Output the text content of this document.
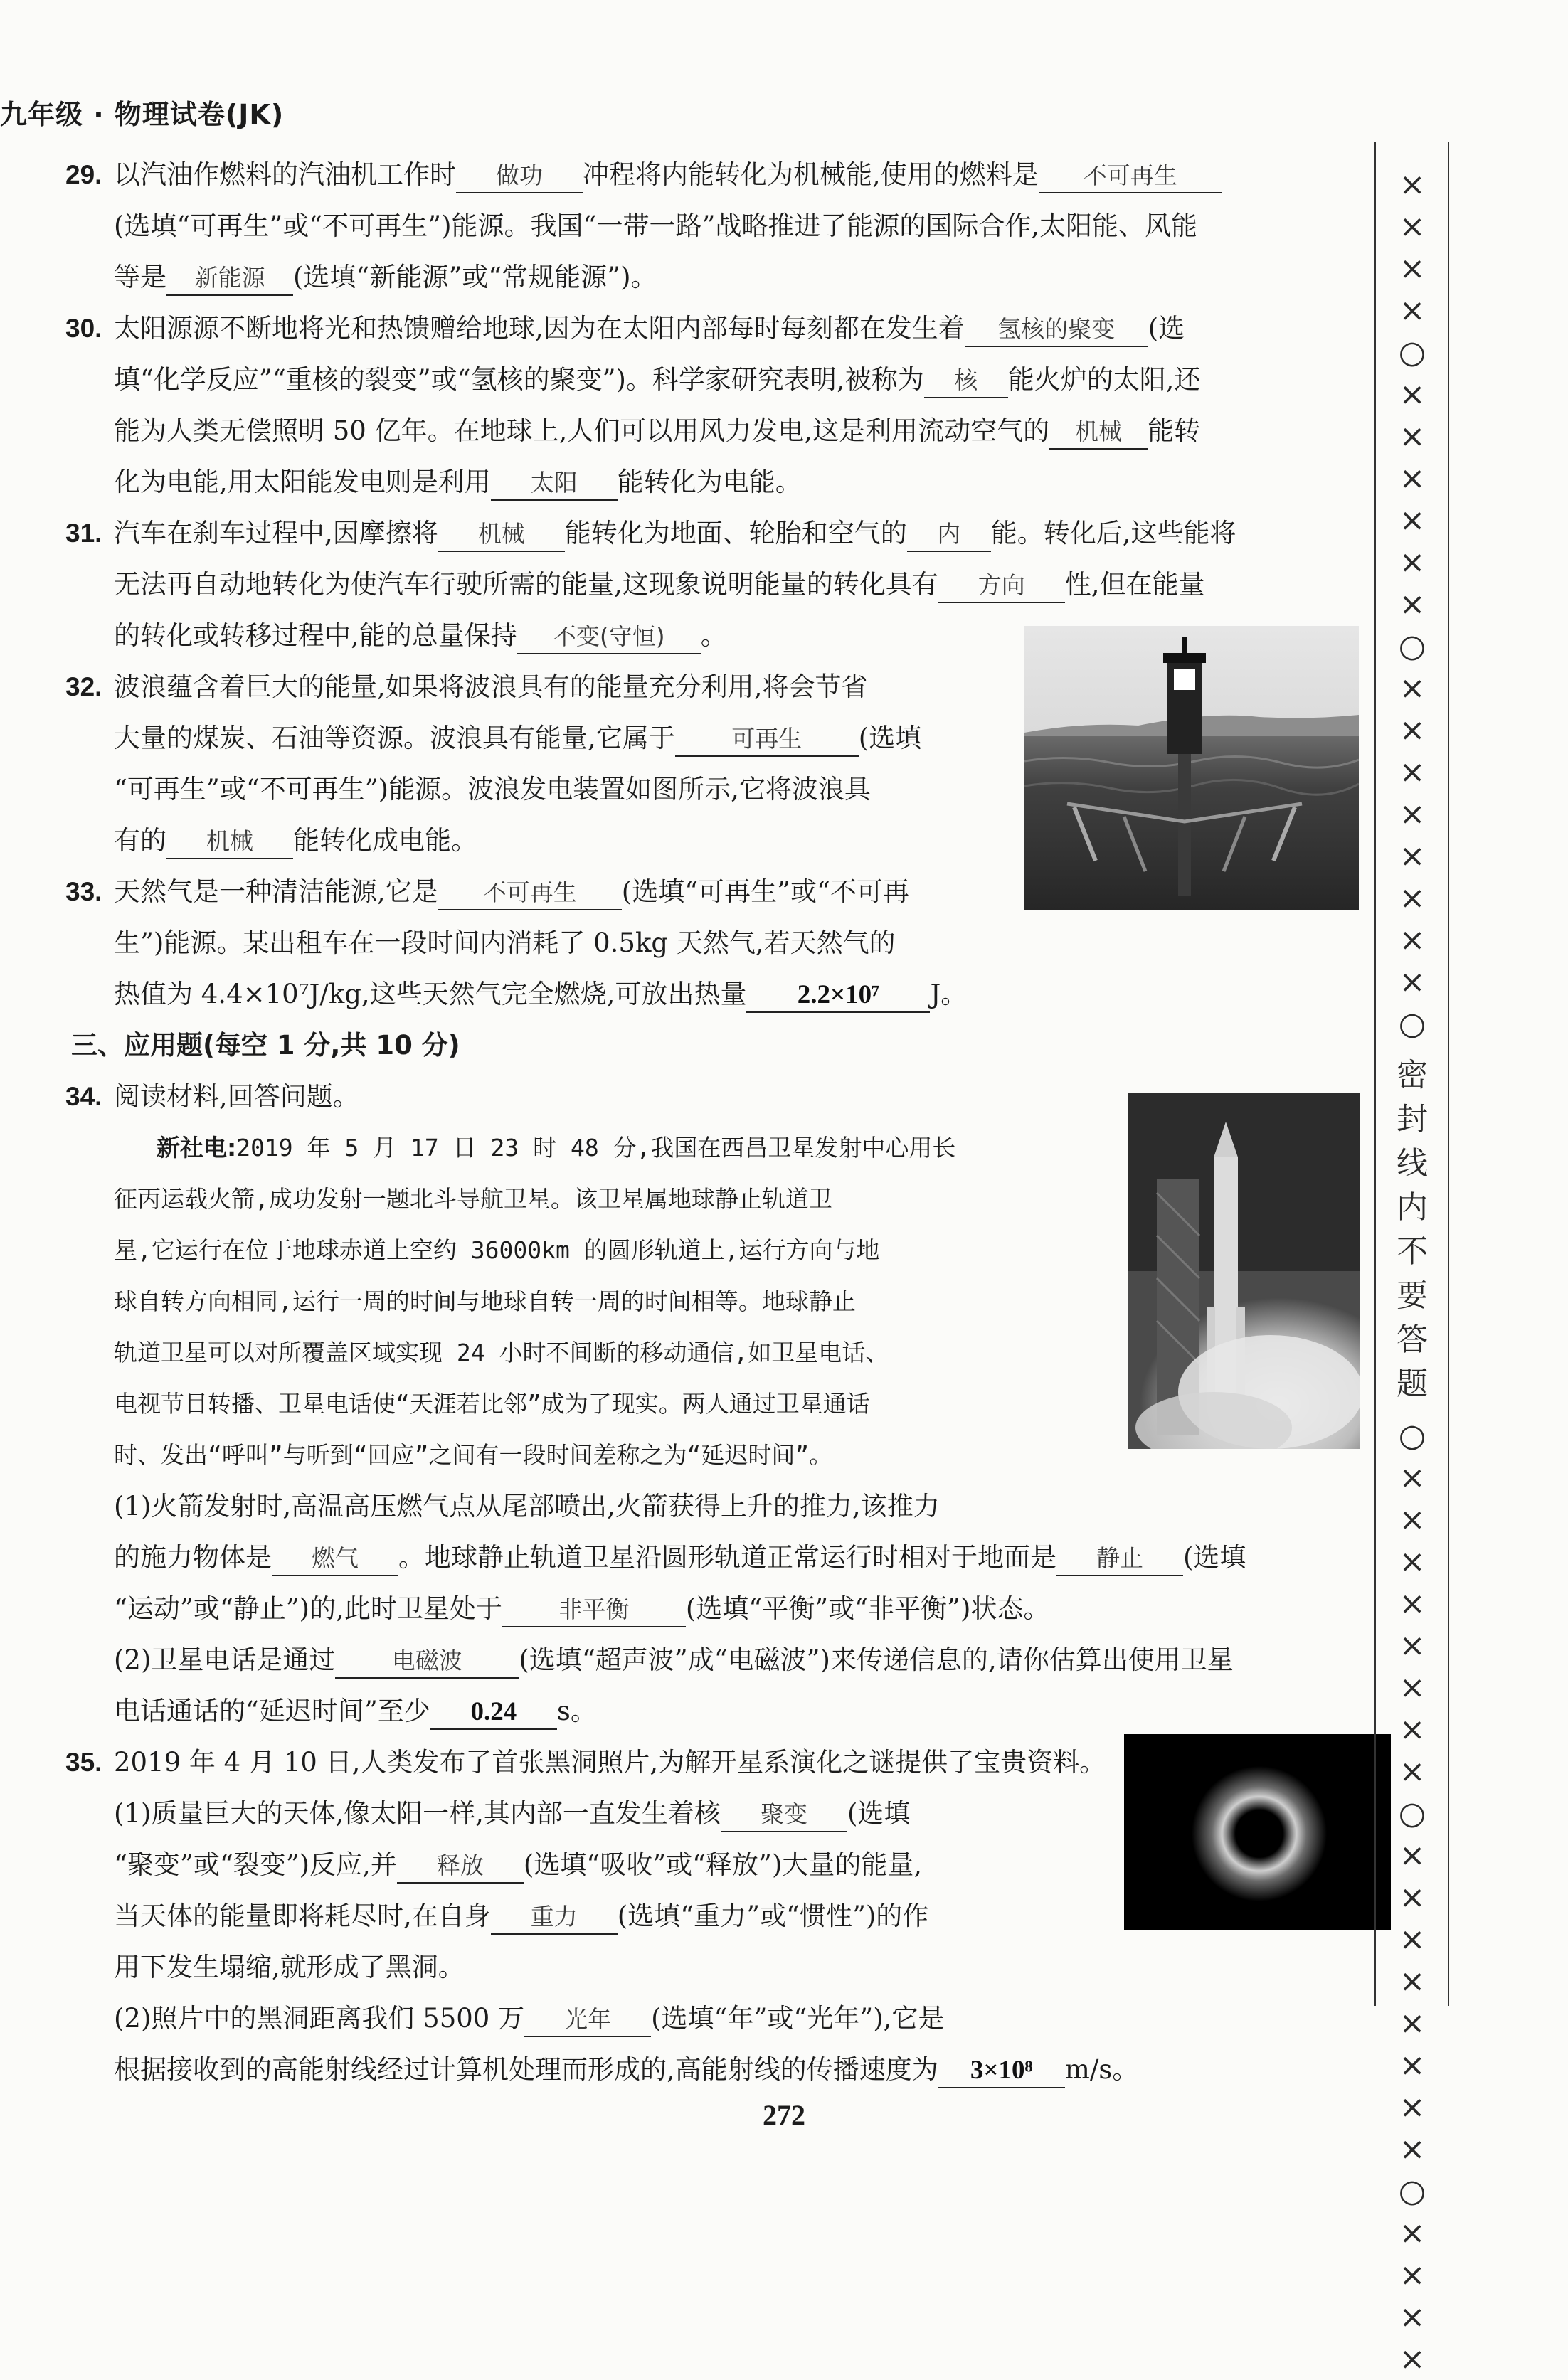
九年级 · 物理试卷(JK)
29. 以汽油作燃料的汽油机工作时 做功 冲程将内能转化为机械能,使用的燃料是 不可再生
(选填“可再生”或“不可再生”)能源。我国“一带一路”战略推进了能源的国际合作,太阳能、风能
等是 新能源 (选填“新能源”或“常规能源”)。
30. 太阳源源不断地将光和热馈赠给地球,因为在太阳内部每时每刻都在发生着 氢核的聚变 (选
填“化学反应”“重核的裂变”或“氢核的聚变”)。科学家研究表明,被称为 核 能火炉的太阳,还
能为人类无偿照明 50 亿年。在地球上,人们可以用风力发电,这是利用流动空气的 机械 能转
化为电能,用太阳能发电则是利用 太阳 能转化为电能。
31. 汽车在刹车过程中,因摩擦将 机械 能转化为地面、轮胎和空气的 内 能。转化后,这些能将
无法再自动地转化为使汽车行驶所需的能量,这现象说明能量的转化具有 方向 性,但在能量
的转化或转移过程中,能的总量保持 不变(守恒) 。
32. 波浪蕴含着巨大的能量,如果将波浪具有的能量充分利用,将会节省
大量的煤炭、石油等资源。波浪具有能量,它属于 可再生 (选填
“可再生”或“不可再生”)能源。波浪发电装置如图所示,它将波浪具
有的 机械 能转化成电能。
33. 天然气是一种清洁能源,它是 不可再生 (选填“可再生”或“不可再
生”)能源。某出租车在一段时间内消耗了 0.5kg 天然气,若天然气的
热值为 4.4×10⁷J/kg,这些天然气完全燃烧,可放出热量 2.2×10⁷ J。
三、应用题(每空 1 分,共 10 分)
34. 阅读材料,回答问题。
新社电:2019 年 5 月 17 日 23 时 48 分,我国在西昌卫星发射中心用长

征丙运载火箭,成功发射一题北斗导航卫星。该卫星属地球静止轨道卫
星,它运行在位于地球赤道上空约 36000km 的圆形轨道上,运行方向与地
球自转方向相同,运行一周的时间与地球自转一周的时间相等。地球静止
轨道卫星可以对所覆盖区域实现 24 小时不间断的移动通信,如卫星电话、
电视节目转播、卫星电话使“天涯若比邻”成为了现实。两人通过卫星通话
时、发出“呼叫”与听到“回应”之间有一段时间差称之为“延迟时间”。
(1)火箭发射时,高温高压燃气点从尾部喷出,火箭获得上升的推力,该推力
的施力物体是 燃气 。地球静止轨道卫星沿圆形轨道正常运行时相对于地面是 静止 (选填
“运动”或“静止”)的,此时卫星处于 非平衡 (选填“平衡”或“非平衡”)状态。
(2)卫星电话是通过 电磁波 (选填“超声波”成“电磁波”)来传递信息的,请你估算出使用卫星
电话通话的“延迟时间”至少 0.24 s。
35. 2019 年 4 月 10 日,人类发布了首张黑洞照片,为解开星系演化之谜提供了宝贵资料。
(1)质量巨大的天体,像太阳一样,其内部一直发生着核 聚变 (选填
“聚变”或“裂变”)反应,并 释放 (选填“吸收”或“释放”)大量的能量,
当天体的能量即将耗尽时,在自身 重力 (选填“重力”或“惯性”)的作
用下发生塌缩,就形成了黑洞。
(2)照片中的黑洞距离我们 5500 万 光年 (选填“年”或“光年”),它是
根据接收到的高能射线经过计算机处理而形成的,高能射线的传播速度为 3×10⁸ m/s。
×
×
×
×
○
×
×
×
×
×
×
○
×
×
×
×
×
×
×
×
○
密
封
线
内
不
要
答
题
○
×
×
×
×
×
×
×
×
○
×
×
×
×
×
×
×
×
○
×
×
×
×
272
